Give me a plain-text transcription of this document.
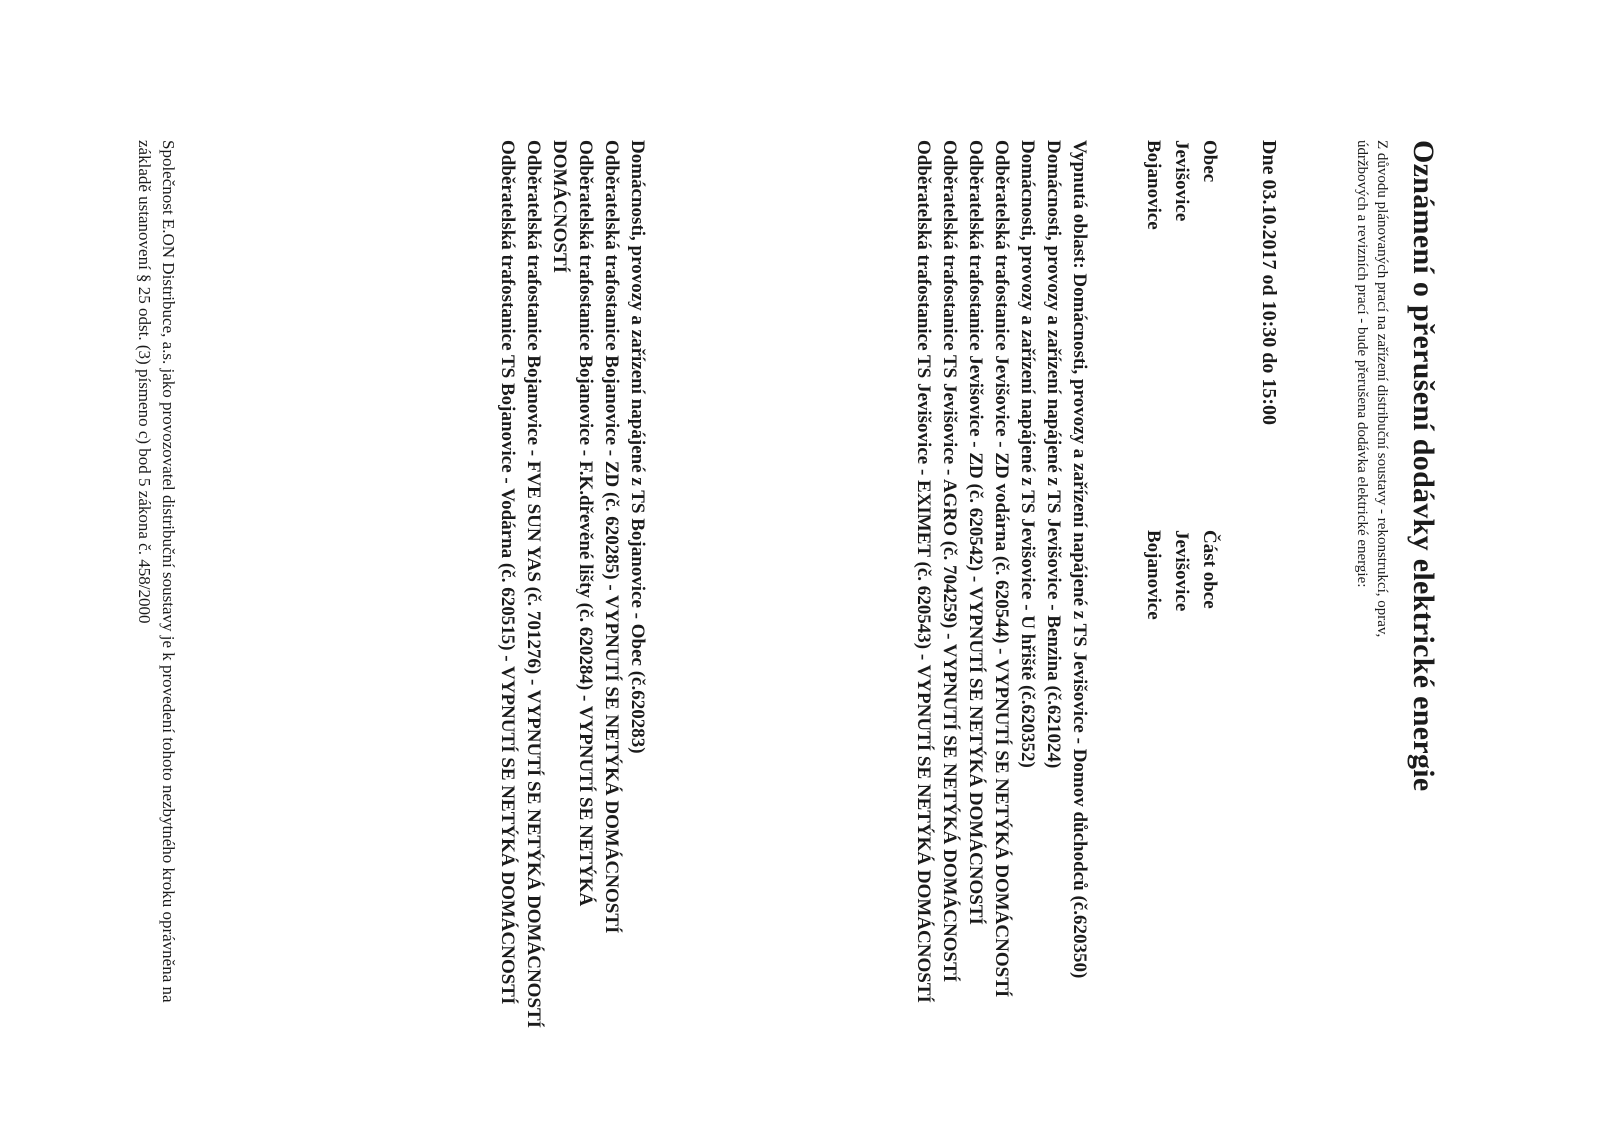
Oznámení o přerušení dodávky elektrické energie

Z důvodu plánovaných prací na zařízení distribuční soustavy - rekonstrukcí, oprav, údržbových a revizních prací - bude přerušena dodávka elektrické energie:

Dne 03.10.2017 od 10:30 do 15:00

Obec
Část obce
Jevišovice
Jevišovice
Bojanovice
Bojanovice
Vypnutá oblast: Domácnosti, provozy a zařízení napájené z TS Jevišovice - Domov důchodců (č.620350)
Domácnosti, provozy a zařízení napájené z TS Jevišovice - Benzina (č.621024)
Domácnosti, provozy a zařízení napájené z TS Jevišovice - U hřiště (č.620352)
Odběratelská trafostanice Jevišovice - ZD vodárna (č. 620544) - VYPNUTÍ SE NETÝKÁ DOMÁCNOSTÍ
Odběratelská trafostanice Jevišovice - ZD (č. 620542) - VYPNUTÍ SE NETÝKÁ DOMÁCNOSTÍ
Odběratelská trafostanice TS Jevišovice - AGRO (č. 704259) - VYPNUTÍ SE NETÝKÁ DOMÁCNOSTÍ
Odběratelská trafostanice TS Jevišovice - EXIMET (č. 620543) - VYPNUTÍ SE NETÝKÁ DOMÁCNOSTÍ
Domácnosti, provozy a zařízení napájené z TS Bojanovice - Obec (č.620283)
Odběratelská trafostanice Bojanovice - ZD (č. 620285) - VYPNUTÍ SE NETÝKÁ DOMÁCNOSTÍ
Odběratelská trafostanice Bojanovice - F.K.dřevěné lišty (č. 620284) - VYPNUTÍ SE NETÝKÁ DOMÁCNOSTÍ
Odběratelská trafostanice Bojanovice - FVE SUN YAS (č. 701276) - VYPNUTÍ SE NETÝKÁ DOMÁCNOSTÍ
Odběratelská trafostanice TS Bojanovice - Vodárna (č. 620515) - VYPNUTÍ SE NETÝKÁ DOMÁCNOSTÍ
Společnost E.ON Distribuce, a.s. jako provozovatel distribuční soustavy je k provedení tohoto nezbytného kroku oprávněna na základě ustanovení § 25 odst. (3) písmeno c) bod 5 zákona č. 458/2000
